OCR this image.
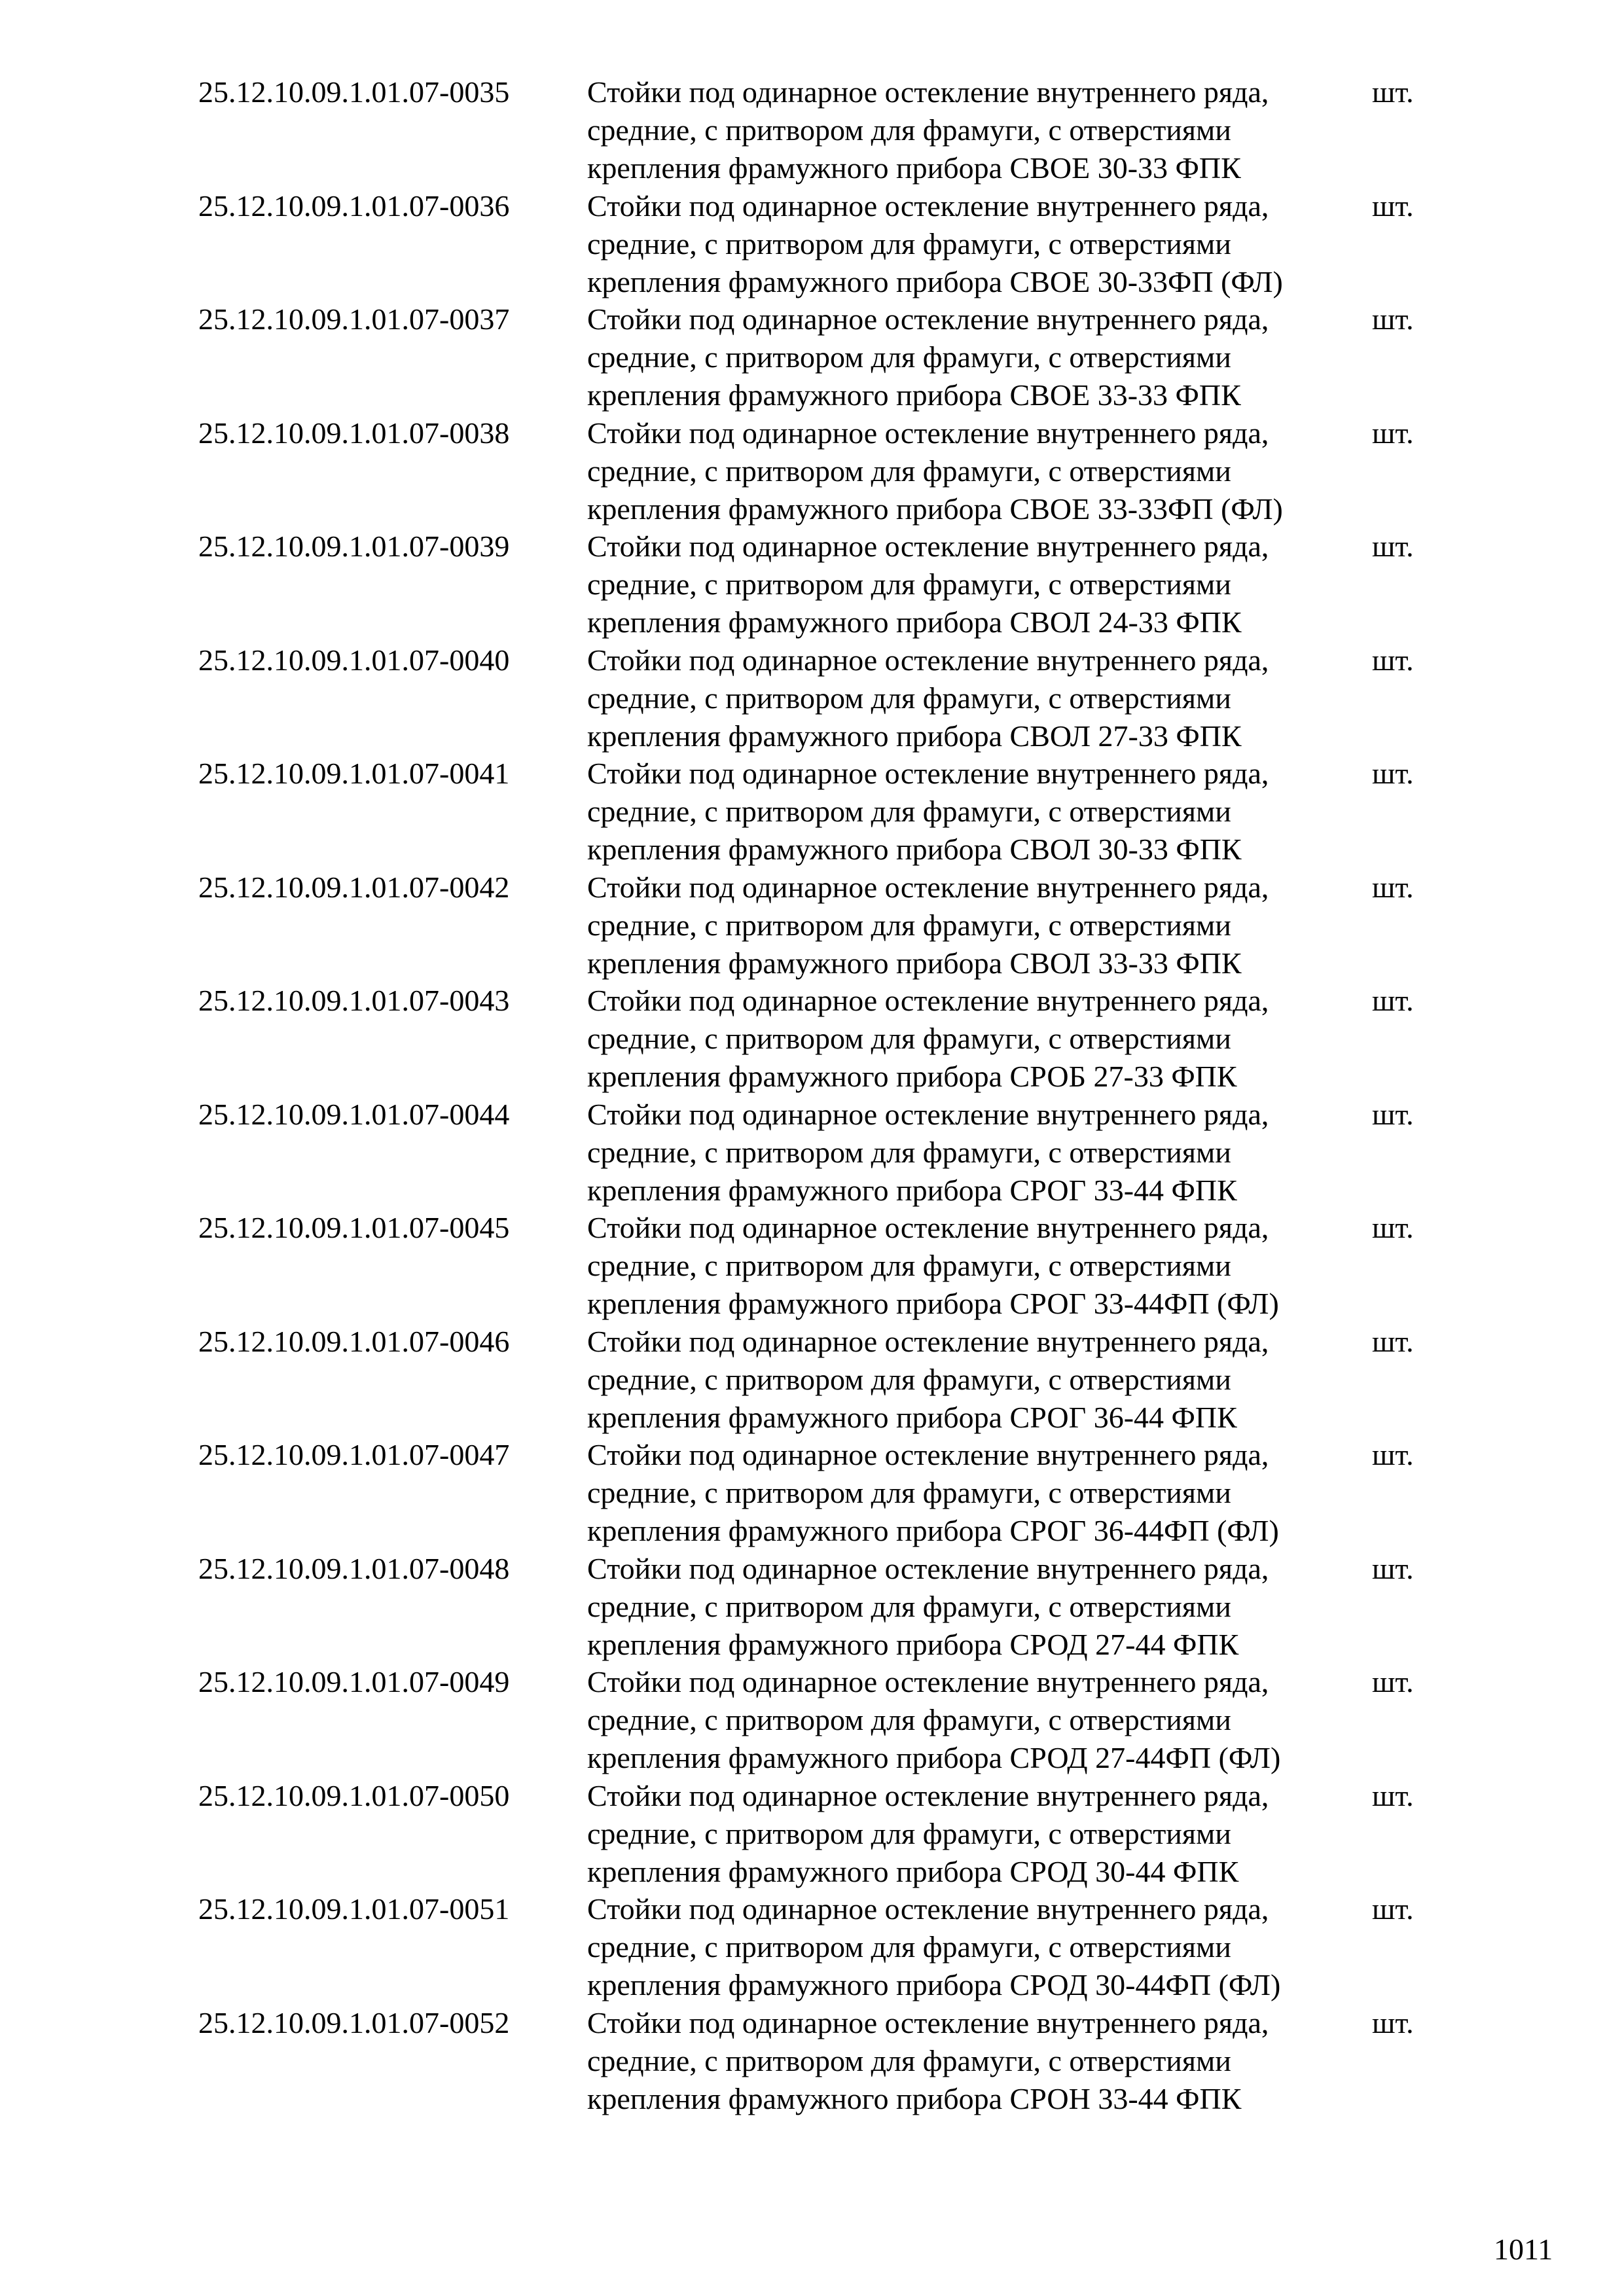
25.12.10.09.1.01.07-0035	Стойки под одинарное остекление внутреннего ряда,
средние, с притвором для фрамуги, с отверстиями
крепления фрамужного прибора СВОЕ 30-33 ФПК
шт.
25.12.10.09.1.01.07-0036	Стойки под одинарное остекление внутреннего ряда,
средние, с притвором для фрамуги, с отверстиями
крепления фрамужного прибора СВОЕ 30-33ФП (ФЛ)
шт.
25.12.10.09.1.01.07-0037	Стойки под одинарное остекление внутреннего ряда,
средние, с притвором для фрамуги, с отверстиями
крепления фрамужного прибора СВОЕ 33-33 ФПК
шт.
25.12.10.09.1.01.07-0038	Стойки под одинарное остекление внутреннего ряда,
средние, с притвором для фрамуги, с отверстиями
крепления фрамужного прибора СВОЕ 33-33ФП (ФЛ)
шт.
25.12.10.09.1.01.07-0039	Стойки под одинарное остекление внутреннего ряда,
средние, с притвором для фрамуги, с отверстиями
крепления фрамужного прибора СВОЛ 24-33 ФПК
шт.
25.12.10.09.1.01.07-0040	Стойки под одинарное остекление внутреннего ряда,
средние, с притвором для фрамуги, с отверстиями
крепления фрамужного прибора СВОЛ 27-33 ФПК
шт.
25.12.10.09.1.01.07-0041	Стойки под одинарное остекление внутреннего ряда,
средние, с притвором для фрамуги, с отверстиями
крепления фрамужного прибора СВОЛ 30-33 ФПК
шт.
25.12.10.09.1.01.07-0042	Стойки под одинарное остекление внутреннего ряда,
средние, с притвором для фрамуги, с отверстиями
крепления фрамужного прибора СВОЛ 33-33 ФПК
шт.
25.12.10.09.1.01.07-0043	Стойки под одинарное остекление внутреннего ряда,
средние, с притвором для фрамуги, с отверстиями
крепления фрамужного прибора СРОБ 27-33 ФПК
шт.
25.12.10.09.1.01.07-0044	Стойки под одинарное остекление внутреннего ряда,
средние, с притвором для фрамуги, с отверстиями
крепления фрамужного прибора СРОГ 33-44 ФПК
шт.
25.12.10.09.1.01.07-0045	Стойки под одинарное остекление внутреннего ряда,
средние, с притвором для фрамуги, с отверстиями
крепления фрамужного прибора СРОГ 33-44ФП (ФЛ)
шт.
25.12.10.09.1.01.07-0046	Стойки под одинарное остекление внутреннего ряда,
средние, с притвором для фрамуги, с отверстиями
крепления фрамужного прибора СРОГ 36-44 ФПК
шт.
25.12.10.09.1.01.07-0047	Стойки под одинарное остекление внутреннего ряда,
средние, с притвором для фрамуги, с отверстиями
крепления фрамужного прибора СРОГ 36-44ФП (ФЛ)
шт.
25.12.10.09.1.01.07-0048	Стойки под одинарное остекление внутреннего ряда,
средние, с притвором для фрамуги, с отверстиями
крепления фрамужного прибора СРОД 27-44 ФПК
шт.
25.12.10.09.1.01.07-0049	Стойки под одинарное остекление внутреннего ряда,
средние, с притвором для фрамуги, с отверстиями
крепления фрамужного прибора СРОД 27-44ФП (ФЛ)
шт.
25.12.10.09.1.01.07-0050	Стойки под одинарное остекление внутреннего ряда,
средние, с притвором для фрамуги, с отверстиями
крепления фрамужного прибора СРОД 30-44 ФПК
шт.
25.12.10.09.1.01.07-0051	Стойки под одинарное остекление внутреннего ряда,
средние, с притвором для фрамуги, с отверстиями
крепления фрамужного прибора СРОД 30-44ФП (ФЛ)
шт.
25.12.10.09.1.01.07-0052	Стойки под одинарное остекление внутреннего ряда,
средние, с притвором для фрамуги, с отверстиями
крепления фрамужного прибора СРОН 33-44 ФПК
шт.
1011
